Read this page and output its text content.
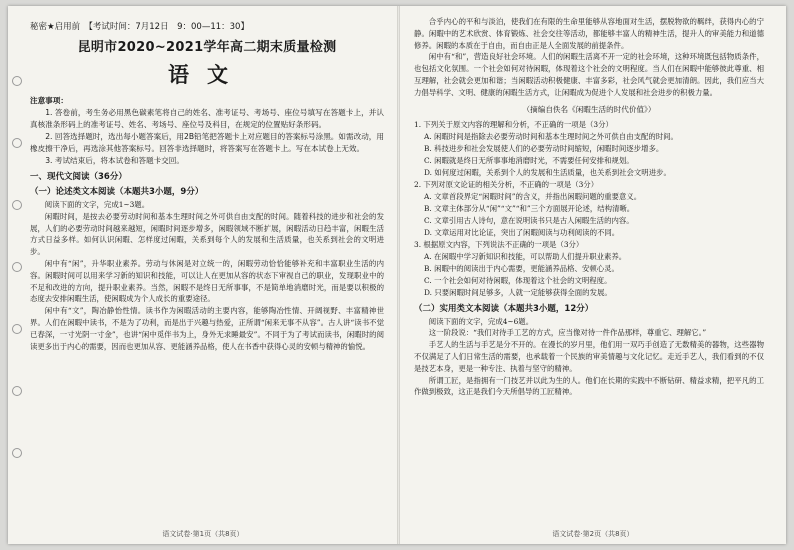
秘密★启用前　【考试时间：7月12日　9：00—11：30】
昆明市2020~2021学年高二期末质量检测
语文

注意事项：

1. 答卷前，考生务必用黑色碳素笔将自己的姓名、准考证号、考场号、座位号填写在答题卡上，并认真核准条形码上的准考证号、姓名、考场号、座位号及科目，在规定的位置贴好条形码。

2. 回答选择题时，选出每小题答案后，用2B铅笔把答题卡上对应题目的答案标号涂黑。如需改动，用橡皮擦干净后，再选涂其他答案标号。回答非选择题时，将答案写在答题卡上。写在本试卷上无效。

3. 考试结束后，将本试卷和答题卡交回。

一、现代文阅读（36分）
（一）论述类文本阅读（本题共3小题，9分）

阅读下面的文字，完成1~3题。

闲暇时间，是按去必要劳动时间和基本生理时间之外可供自由支配的时间。随着科技的进步和社会的发展，人们的必要劳动时间越来越短，闲暇时间逐步增多，闲暇领域不断扩展，闲暇活动日趋丰富，闲暇生活方式日益多样。如何认识闲暇、怎样度过闲暇，关系到每个人的发展和生活质量，也关系到社会的文明进步。

闲中有“闲”，升华职业素养。劳动与休闲是对立统一的，闲暇劳动恰恰能够补充和丰富职业生活的内容。闲暇时间可以用来学习新的知识和技能，可以让人在更加从容的状态下审视自己的职业，发现职业中的不足和改进的方向，提升职业素养。当然，闲暇不是终日无所事事，不是简单地消磨时光，而是要以积极的态度去安排闲暇生活，使闲暇成为个人成长的重要途径。

闲中有“文”，陶冶静怡性情。读书作为闲暇活动的主要内容，能够陶冶性情、开阔视野、丰富精神世界。人们在闲暇中读书，不是为了功利，而是出于兴趣与热爱，正所谓“闲来无事不从容”。古人讲“读书不觉已春深，一寸光阴一寸金”，也讲“闲中觅伴书为上，身外无求睡最安”。不同于为了考试而读书，闲暇时的阅读更多出于内心的需要，因而也更加从容、更能涵养品格，使人在书香中获得心灵的安顿与精神的愉悦。

语文试卷·第1页（共8页）

合乎内心的平和与淡泊，使我们在有限的生命里能够从容地面对生活，摆脱物欲的羁绊，获得内心的宁静。闲暇中的艺术欣赏、体育锻炼、社会交往等活动，都能够丰富人的精神生活，提升人的审美能力和道德修养。闲暇的本质在于自由，而自由正是人全面发展的前提条件。

闲中有“和”，营造良好社会环境。人们的闲暇生活离不开一定的社会环境，这种环境既包括物质条件，也包括文化氛围。一个社会如何对待闲暇，体现着这个社会的文明程度。当人们在闲暇中能够彼此尊重、相互理解，社会就会更加和谐；当闲暇活动积极健康、丰富多彩，社会风气就会更加清朗。因此，我们应当大力倡导科学、文明、健康的闲暇生活方式，让闲暇成为促进个人发展和社会进步的积极力量。

（摘编自佚名《闲暇生活的时代价值》）

1. 下列关于原文内容的理解和分析，不正确的一项是（3分）

A. 闲暇时间是指除去必要劳动时间和基本生理时间之外可供自由支配的时间。

B. 科技进步和社会发展使人们的必要劳动时间缩短，闲暇时间逐步增多。

C. 闲暇就是终日无所事事地消磨时光，不需要任何安排和规划。

D. 如何度过闲暇，关系到个人的发展和生活质量，也关系到社会文明进步。

2. 下列对原文论证的相关分析，不正确的一项是（3分）

A. 文章首段界定“闲暇时间”的含义，并指出闲暇问题的重要意义。

B. 文章主体部分从“闲”“文”“和”三个方面展开论述，结构清晰。

C. 文章引用古人诗句，意在说明读书只是古人闲暇生活的内容。

D. 文章运用对比论证，突出了闲暇阅读与功利阅读的不同。

3. 根据原文内容，下列说法不正确的一项是（3分）

A. 在闲暇中学习新知识和技能，可以帮助人们提升职业素养。

B. 闲暇中的阅读出于内心需要，更能涵养品格、安顿心灵。

C. 一个社会如何对待闲暇，体现着这个社会的文明程度。

D. 只要闲暇时间足够多，人就一定能够获得全面的发展。

（二）实用类文本阅读（本题共3小题，12分）

阅读下面的文字，完成4~6题。

这一阶段说：“我们对待手工艺的方式，应当像对待一件作品那样，尊重它、理解它。”

手艺人的生活与手艺是分不开的。在漫长的岁月里，他们用一双巧手创造了无数精美的器物，这些器物不仅满足了人们日常生活的需要，也承载着一个民族的审美情趣与文化记忆。走近手艺人，我们看到的不仅是技艺本身，更是一种专注、执着与坚守的精神。

所谓工匠，是指拥有一门技艺并以此为生的人。他们在长期的实践中不断钻研、精益求精，把平凡的工作做到极致，这正是我们今天所倡导的工匠精神。

语文试卷·第2页（共8页）
